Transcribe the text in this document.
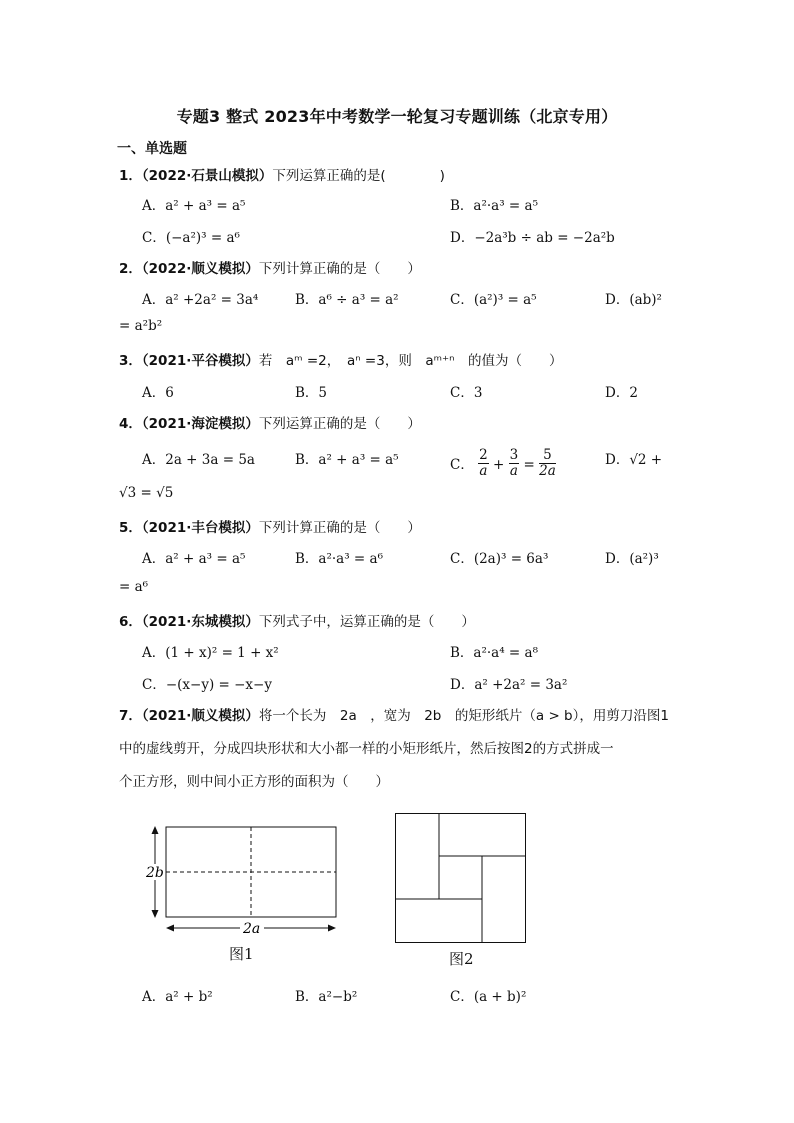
专题3 整式 2023年中考数学一轮复习专题训练（北京专用）
一、单选题
1．（2022·石景山模拟）下列运算正确的是(　　　　)
A．a² + a³ = a⁵	B．a²·a³ = a⁵
C．(−a²)³ = a⁶	D．−2a³b ÷ ab = −2a²b
2．（2022·顺义模拟）下列计算正确的是（　　）
A．a² +2a² = 3a⁴	B．a⁶ ÷ a³ = a²	C．(a²)³ = a⁵	D．(ab)²
= a²b²
3．（2021·平谷模拟）若　aᵐ =2，　aⁿ =3，则　aᵐ⁺ⁿ　的值为（　　）
A．6	B．5	C．3	D．2
4．（2021·海淀模拟）下列运算正确的是（　　）
A．2a + 3a = 5a	B．a² + a³ = a⁵	C． $\frac{2}{a} + \frac{3}{a} = \frac{5}{2a}$	D．√2 +
√3 = √5
5．（2021·丰台模拟）下列计算正确的是（　　）
A．a² + a³ = a⁵	B．a²·a³ = a⁶	C．(2a)³ = 6a³	D．(a²)³
= a⁶
6．（2021·东城模拟）下列式子中，运算正确的是（　　）
A．(1 + x)² = 1 + x²	B．a²·a⁴ = a⁸
C．−(x−y) = −x−y	D．a² +2a² = 3a²
7．（2021·顺义模拟）将一个长为　2a　，宽为　2b　的矩形纸片（a > b），用剪刀沿图1
中的虚线剪开，分成四块形状和大小都一样的小矩形纸片，然后按图2的方式拼成一
个正方形，则中间小正方形的面积为（　　）
2b
2a
图1	图2
A．a² + b²	B．a²−b²	C．(a + b)²
